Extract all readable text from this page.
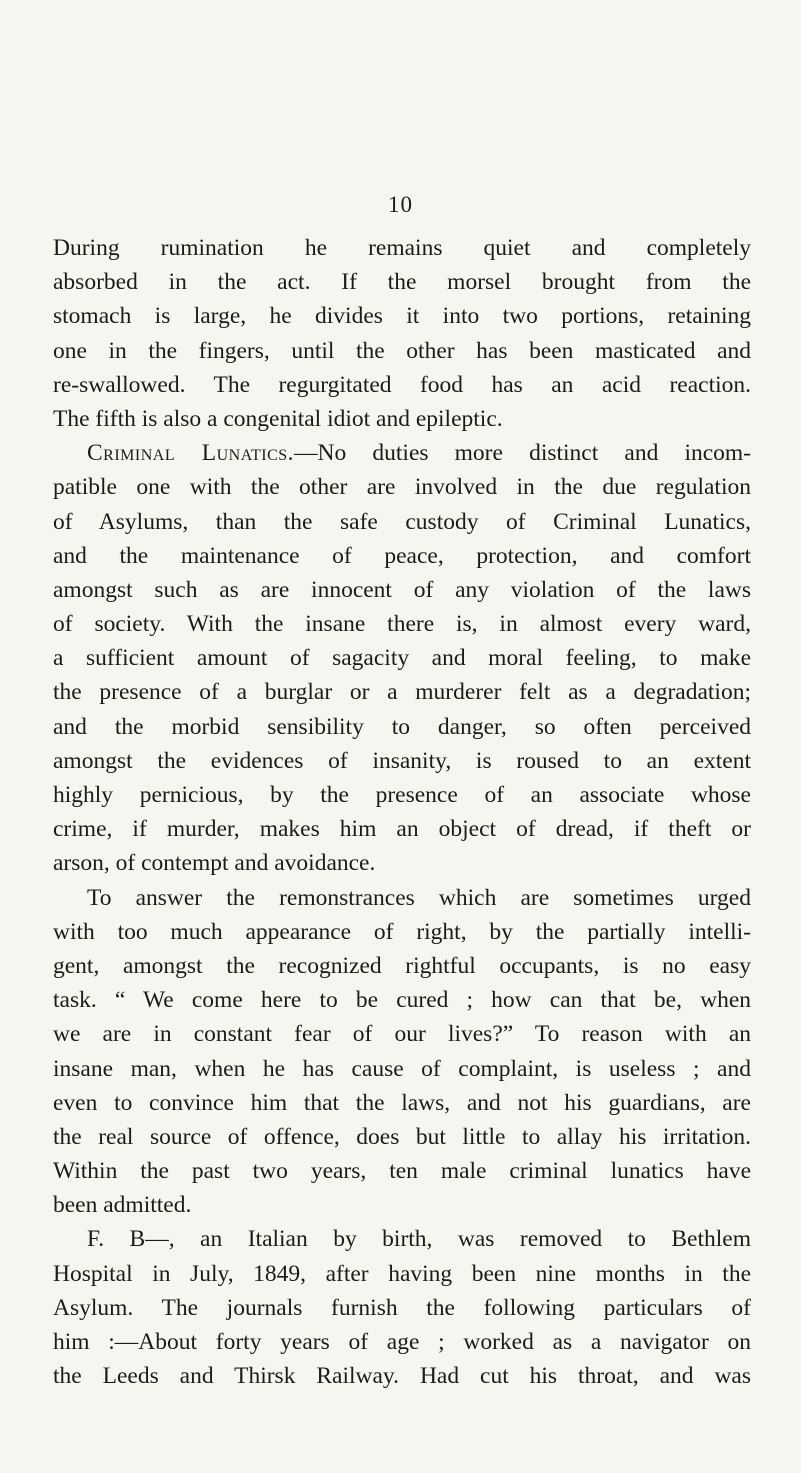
10
During rumination he remains quiet and completely
absorbed in the act. If the morsel brought from the
stomach is large, he divides it into two portions, retaining
one in the fingers, until the other has been masticated and
re-swallowed. The regurgitated food has an acid reaction.
The fifth is also a congenital idiot and epileptic.
Criminal Lunatics.—No duties more distinct and incom-
patible one with the other are involved in the due regulation
of Asylums, than the safe custody of Criminal Lunatics,
and the maintenance of peace, protection, and comfort
amongst such as are innocent of any violation of the laws
of society. With the insane there is, in almost every ward,
a sufficient amount of sagacity and moral feeling, to make
the presence of a burglar or a murderer felt as a degradation;
and the morbid sensibility to danger, so often perceived
amongst the evidences of insanity, is roused to an extent
highly pernicious, by the presence of an associate whose
crime, if murder, makes him an object of dread, if theft or
arson, of contempt and avoidance.
To answer the remonstrances which are sometimes urged
with too much appearance of right, by the partially intelli-
gent, amongst the recognized rightful occupants, is no easy
task. “ We come here to be cured ; how can that be, when
we are in constant fear of our lives?” To reason with an
insane man, when he has cause of complaint, is useless ; and
even to convince him that the laws, and not his guardians, are
the real source of offence, does but little to allay his irritation.
Within the past two years, ten male criminal lunatics have
been admitted.
F. B—, an Italian by birth, was removed to Bethlem
Hospital in July, 1849, after having been nine months in the
Asylum. The journals furnish the following particulars of
him :—About forty years of age ; worked as a navigator on
the Leeds and Thirsk Railway. Had cut his throat, and was
